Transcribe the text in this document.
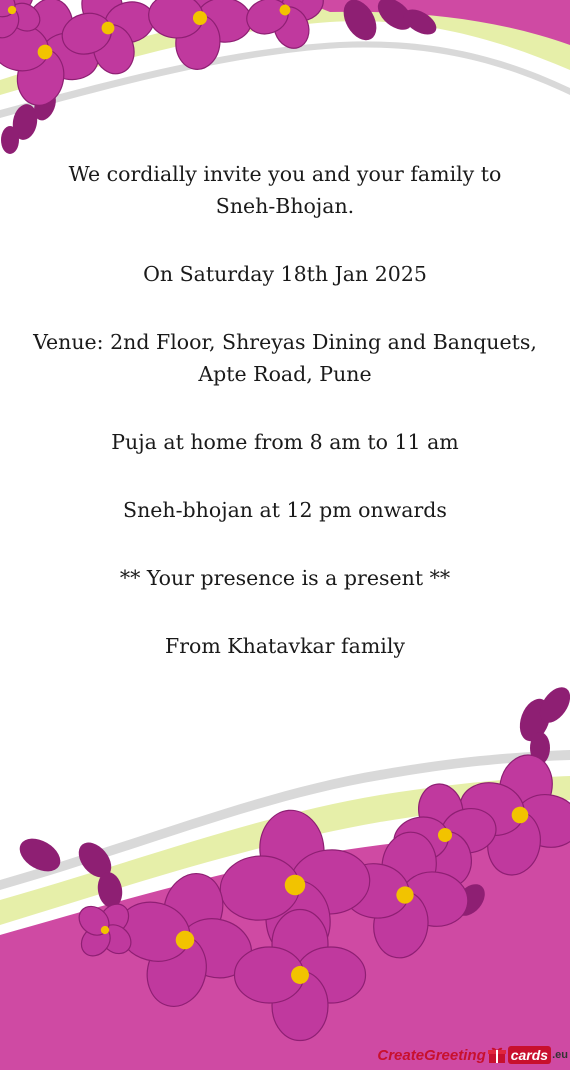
We cordially invite you and your family to

Sneh-Bhojan.

On Saturday 18th Jan 2025

Venue: 2nd Floor, Shreyas Dining and Banquets,

Apte Road, Pune

Puja at home from 8 am to 11 am

Sneh-bhojan at 12 pm onwards

** Your presence is a present **

From Khatavkar family

CreateGreeting cards .eu
